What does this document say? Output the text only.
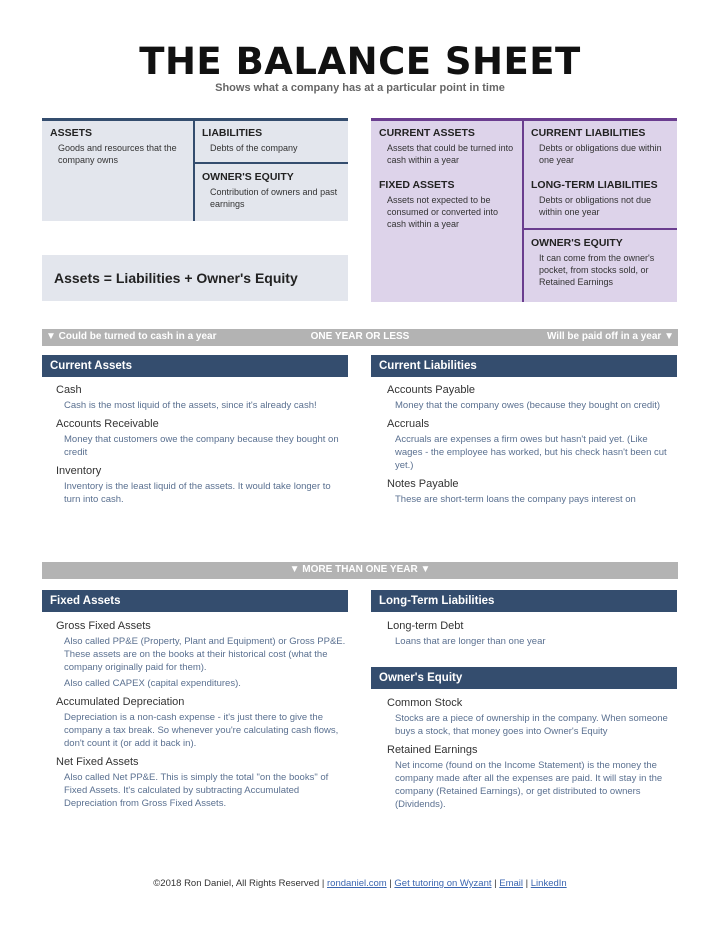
THE BALANCE SHEET
Shows what a company has at a particular point in time
ASSETS
Goods and resources that the company owns
LIABILITIES
Debts of the company
OWNER'S EQUITY
Contribution of owners and past earnings
CURRENT ASSETS
Assets that could be turned into cash within a year
FIXED ASSETS
Assets not expected to be consumed or converted into cash within a year
CURRENT LIABILITIES
Debts or obligations due within one year
LONG-TERM LIABILITIES
Debts or obligations not due within one year
OWNER'S EQUITY
It can come from the owner's pocket, from stocks sold, or Retained Earnings
Assets = Liabilities + Owner's Equity
▼ Could be turned to cash in a year	ONE YEAR OR LESS	Will be paid off in a year ▼
Current Assets
Cash
Cash is the most liquid of the assets, since it's already cash!
Accounts Receivable
Money that customers owe the company because they bought on credit
Inventory
Inventory is the least liquid of the assets. It would take longer to turn into cash.
Current Liabilities
Accounts Payable
Money that the company owes (because they bought on credit)
Accruals
Accruals are expenses a firm owes but hasn't paid yet. (Like wages - the employee has worked, but his check hasn't been cut yet.)
Notes Payable
These are short-term loans the company pays interest on
▼ MORE THAN ONE YEAR ▼
Fixed Assets
Gross Fixed Assets
Also called PP&E (Property, Plant and Equipment) or Gross PP&E. These assets are on the books at their historical cost (what the company originally paid for them).
Also called CAPEX (capital expenditures).
Accumulated Depreciation
Depreciation is a non-cash expense - it's just there to give the company a tax break. So whenever you're calculating cash flows, don't count it (or add it back in).
Net Fixed Assets
Also called Net PP&E. This is simply the total "on the books" of Fixed Assets. It's calculated by subtracting Accumulated Depreciation from Gross Fixed Assets.
Long-Term Liabilities
Long-term Debt
Loans that are longer than one year
Owner's Equity
Common Stock
Stocks are a piece of ownership in the company. When someone buys a stock, that money goes into Owner's Equity
Retained Earnings
Net income (found on the Income Statement) is the money the company made after all the expenses are paid. It will stay in the company (Retained Earnings), or get distributed to owners (Dividends).
©2018 Ron Daniel, All Rights Reserved | rondaniel.com | Get tutoring on Wyzant | Email | LinkedIn
